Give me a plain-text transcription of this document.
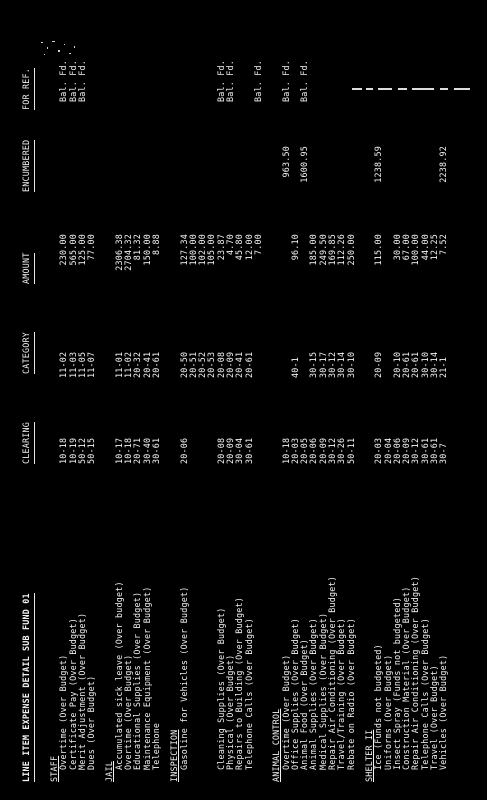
LINE ITEM EXPENSE DETAIL SUB FUND 01
CLEARING
CATEGORY
AMOUNT
ENCUMBERED
FOR REF.
STAFF Overtime (Over Budget)
10-18
11-02
230.00
Bal. Fd.
Certificate Pay (Over Budget)
10-19
11-03
565.00
Bal. Fd.
Merit Adjustment (Over Budget)
50-12
11-05
125.00
Bal. Fd.
Dues (Over Budget)
50-15
11-07
77.00
JAIL
Accumulated sick leave (Over budget)
10-17
11-01
2306.38
Overtime (Over Budget)
10-18
11-02
2704.32
Educational Supplies (Over Budget)
20-71
20-32
81.32
Maintenance Equipment (Over Budget)
30-40
20-41
150.00
Telephone
30-61
20-61
8.88
INSPECTION Gasoline for Vehicles (Over Budget)
20-06
20-50
127.34
20-51
100.00
20-52
102.00
20-53
105.00
Cleaning Supplies (Over Budget)
20-08
20-08
23.87
Bal. Fd.
Physical (Over Budget)
20-09
20-09
4.70
Bal. Fd.
Repairs to Building (Over Budget)
30-04
20-41
45.80
Telephone Calls (Over Budget)
30-61
20-61
12.00 7.00
Bal. Fd.
ANIMAL CONTROL Overtime (Over Budget)
10-18
963.50
Bal. Fd.
Office Supplies (Over Budget)
20-03
40-1
96.10
Animal Food (Over Budget)
20-05
1600.95
Bal. Fd.
Animal Supplies (Over Budget)
20-06
30-15
185.00
Medical Supplies (Over Budget)
20-09
30-17
249.50
Repair Air Conditioning (Over Budget)
30-12
30-12
169.85
Travel/Training (Over Budget)
30-26
30-14
112.26
Rebate on Radio (Over Budget)
50-11
30-10
250.00
SHELTER II Ice (Funds not budgeted)
20-03
20-09
115.00
1238.59
Uniforms (Over Budget)
20-04
Insect Spray (Funds not budgeted)
20-06
20-10
30.00
Construction Material (Over Budget)
20-09
20-61
67.00
Repair Air Conditioning (Over Budget)
30-12
20-61
100.00
Telephone Calls (Over Budget)
30-61
30-10
44.00
Travel (Over Budget)
30-61
30-14
12.25
Vehicles (Over Budget)
30-7
21-1
7.52
2238.92
